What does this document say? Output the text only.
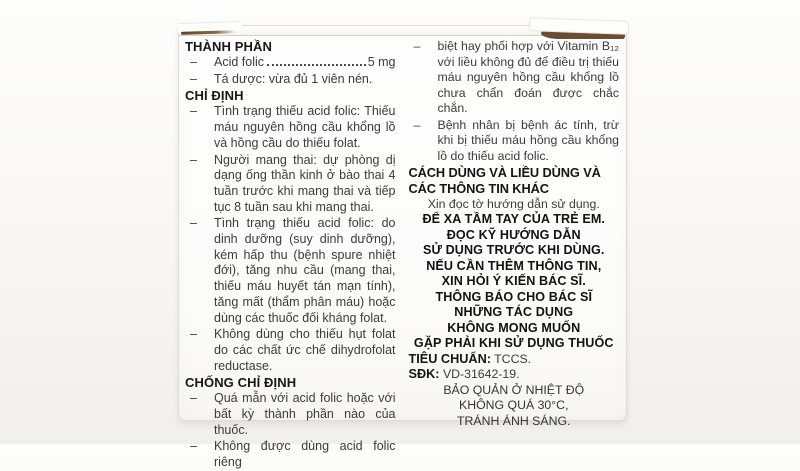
THÀNH PHẦN
–	Acid folic	5 mg
–	Tá dược: vừa đủ 1 viên nén.
CHỈ ĐỊNH
–	Tình trạng thiếu acid folic: Thiếu máu nguyên hồng cầu khổng lồ và hồng cầu do thiếu folat.
–	Người mang thai: dự phòng dị dạng ống thần kinh ở bào thai 4 tuần trước khi mang thai và tiếp tục 8 tuần sau khi mang thai.
–	Tình trạng thiếu acid folic: do dinh dưỡng (suy dinh dưỡng), kém hấp thu (bệnh spure nhiệt đới), tăng nhu cầu (mang thai, thiếu máu huyết tán mạn tính), tăng mất (thẩm phân máu) hoặc dùng các thuốc đối kháng folat.
–	Không dùng cho thiếu hụt folat do các chất ức chế dihydrofolat reductase.
CHỐNG CHỈ ĐỊNH
–	Quá mẫn với acid folic hoặc với bất kỳ thành phần nào của thuốc.
–	Không được dùng acid folic riêng
–	biệt hay phối hợp với Vitamin B₁₂ với liều không đủ để điều trị thiếu máu nguyên hồng cầu khổng lồ chưa chẩn đoán được chắc chắn.
–	Bệnh nhân bị bệnh ác tính, trừ khi bị thiếu máu hồng cầu khổng lồ do thiếu acid folic.
CÁCH DÙNG VÀ LIỀU DÙNG VÀ CÁC THÔNG TIN KHÁC
Xin đọc tờ hướng dẫn sử dụng.
ĐỂ XA TẦM TAY CỦA TRẺ EM.
ĐỌC KỸ HƯỚNG DẪN
SỬ DỤNG TRƯỚC KHI DÙNG.
NẾU CẦN THÊM THÔNG TIN,
XIN HỎI Ý KIẾN BÁC SĨ.
THÔNG BÁO CHO BÁC SĨ
NHỮNG TÁC DỤNG
KHÔNG MONG MUỐN
GẶP PHẢI KHI SỬ DỤNG THUỐC
TIÊU CHUẨN: TCCS.
SĐK: VD-31642-19.
BẢO QUẢN Ở NHIỆT ĐỘ
KHÔNG QUÁ 30°C,
TRÁNH ÁNH SÁNG.
